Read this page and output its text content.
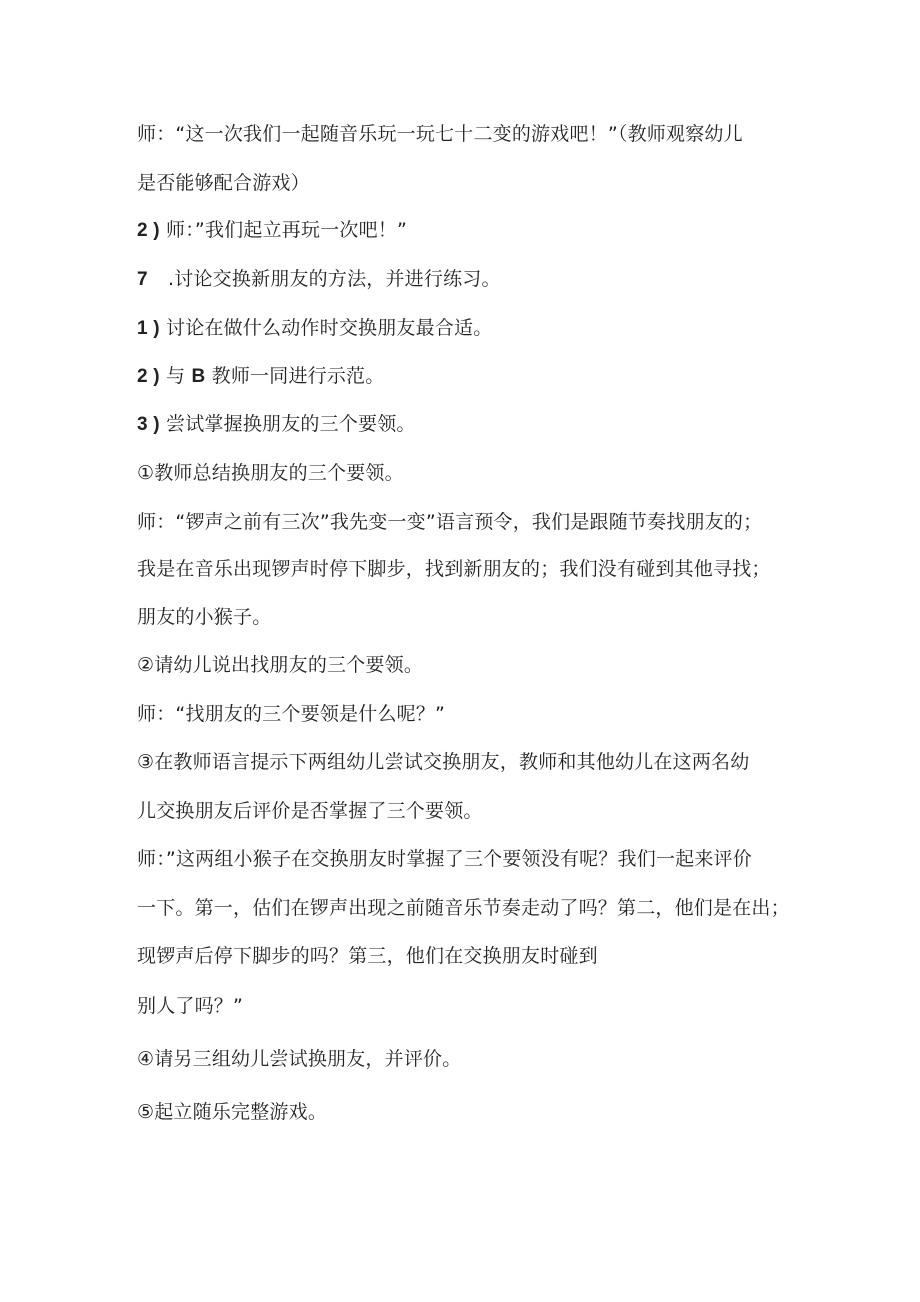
师：“这一次我们一起随音乐玩一玩七十二变的游戏吧！”（教师观察幼儿
是否能够配合游戏）
2 ) 师：”我们起立再玩一次吧！”
7 .讨论交换新朋友的方法，并进行练习。
1 ) 讨论在做什么动作时交换朋友最合适。
2 ) 与 B 教师一同进行示范。
3 ) 尝试掌握换朋友的三个要领。
①教师总结换朋友的三个要领。
师：“锣声之前有三次”我先变一变”语言预令，我们是跟随节奏找朋友的；
我是在音乐出现锣声时停下脚步，找到新朋友的；我们没有碰到其他寻找；
朋友的小猴子。
②请幼儿说出找朋友的三个要领。
师：“找朋友的三个要领是什么呢？”
③在教师语言提示下两组幼儿尝试交换朋友，教师和其他幼儿在这两名幼
儿交换朋友后评价是否掌握了三个要领。
师：”这两组小猴子在交换朋友时掌握了三个要领没有呢？我们一起来评价
一下。第一，估们在锣声出现之前随音乐节奏走动了吗？第二，他们是在出；
现锣声后停下脚步的吗？第三，他们在交换朋友时碰到
别人了吗？”
④请另三组幼儿尝试换朋友，并评价。
⑤起立随乐完整游戏。
